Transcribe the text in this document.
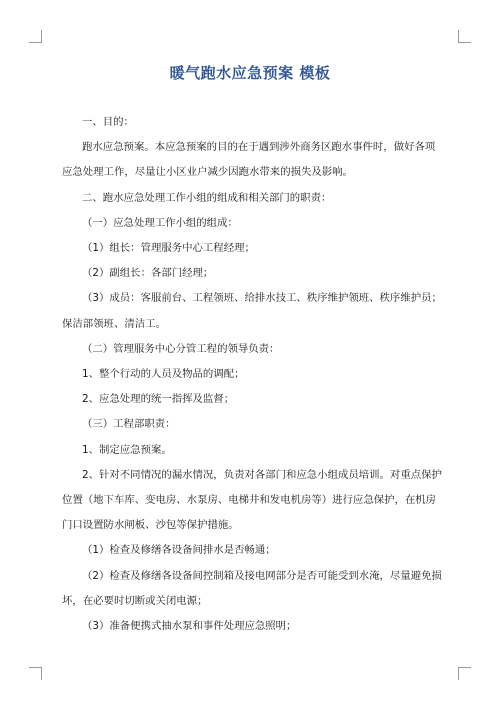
暖气跑水应急预案 模板

一、目的：

跑水应急预案。本应急预案的目的在于遇到涉外商务区跑水事件时，做好各项应急处理工作，尽量让小区业户减少因跑水带来的损失及影响。

二、跑水应急处理工作小组的组成和相关部门的职责：

（一）应急处理工作小组的组成：

（1）组长：管理服务中心工程经理；

（2）副组长：各部门经理；

（3）成员：客服前台、工程领班、给排水技工、秩序维护领班、秩序维护员；保洁部领班、清洁工。

（二）管理服务中心分管工程的领导负责：

1、整个行动的人员及物品的调配；

2、应急处理的统一指挥及监督；

（三）工程部职责：

1、制定应急预案。

2、针对不同情况的漏水情况，负责对各部门和应急小组成员培训。对重点保护位置（地下车库、变电房、水泵房、电梯井和发电机房等）进行应急保护，在机房门口设置防水闸板、沙包等保护措施。

（1）检查及修缮各设备间排水是否畅通；

（2）检查及修缮各设备间控制箱及接电网部分是否可能受到水淹，尽量避免损坏，在必要时切断或关闭电源；

（3）准备便携式抽水泵和事件处理应急照明；
